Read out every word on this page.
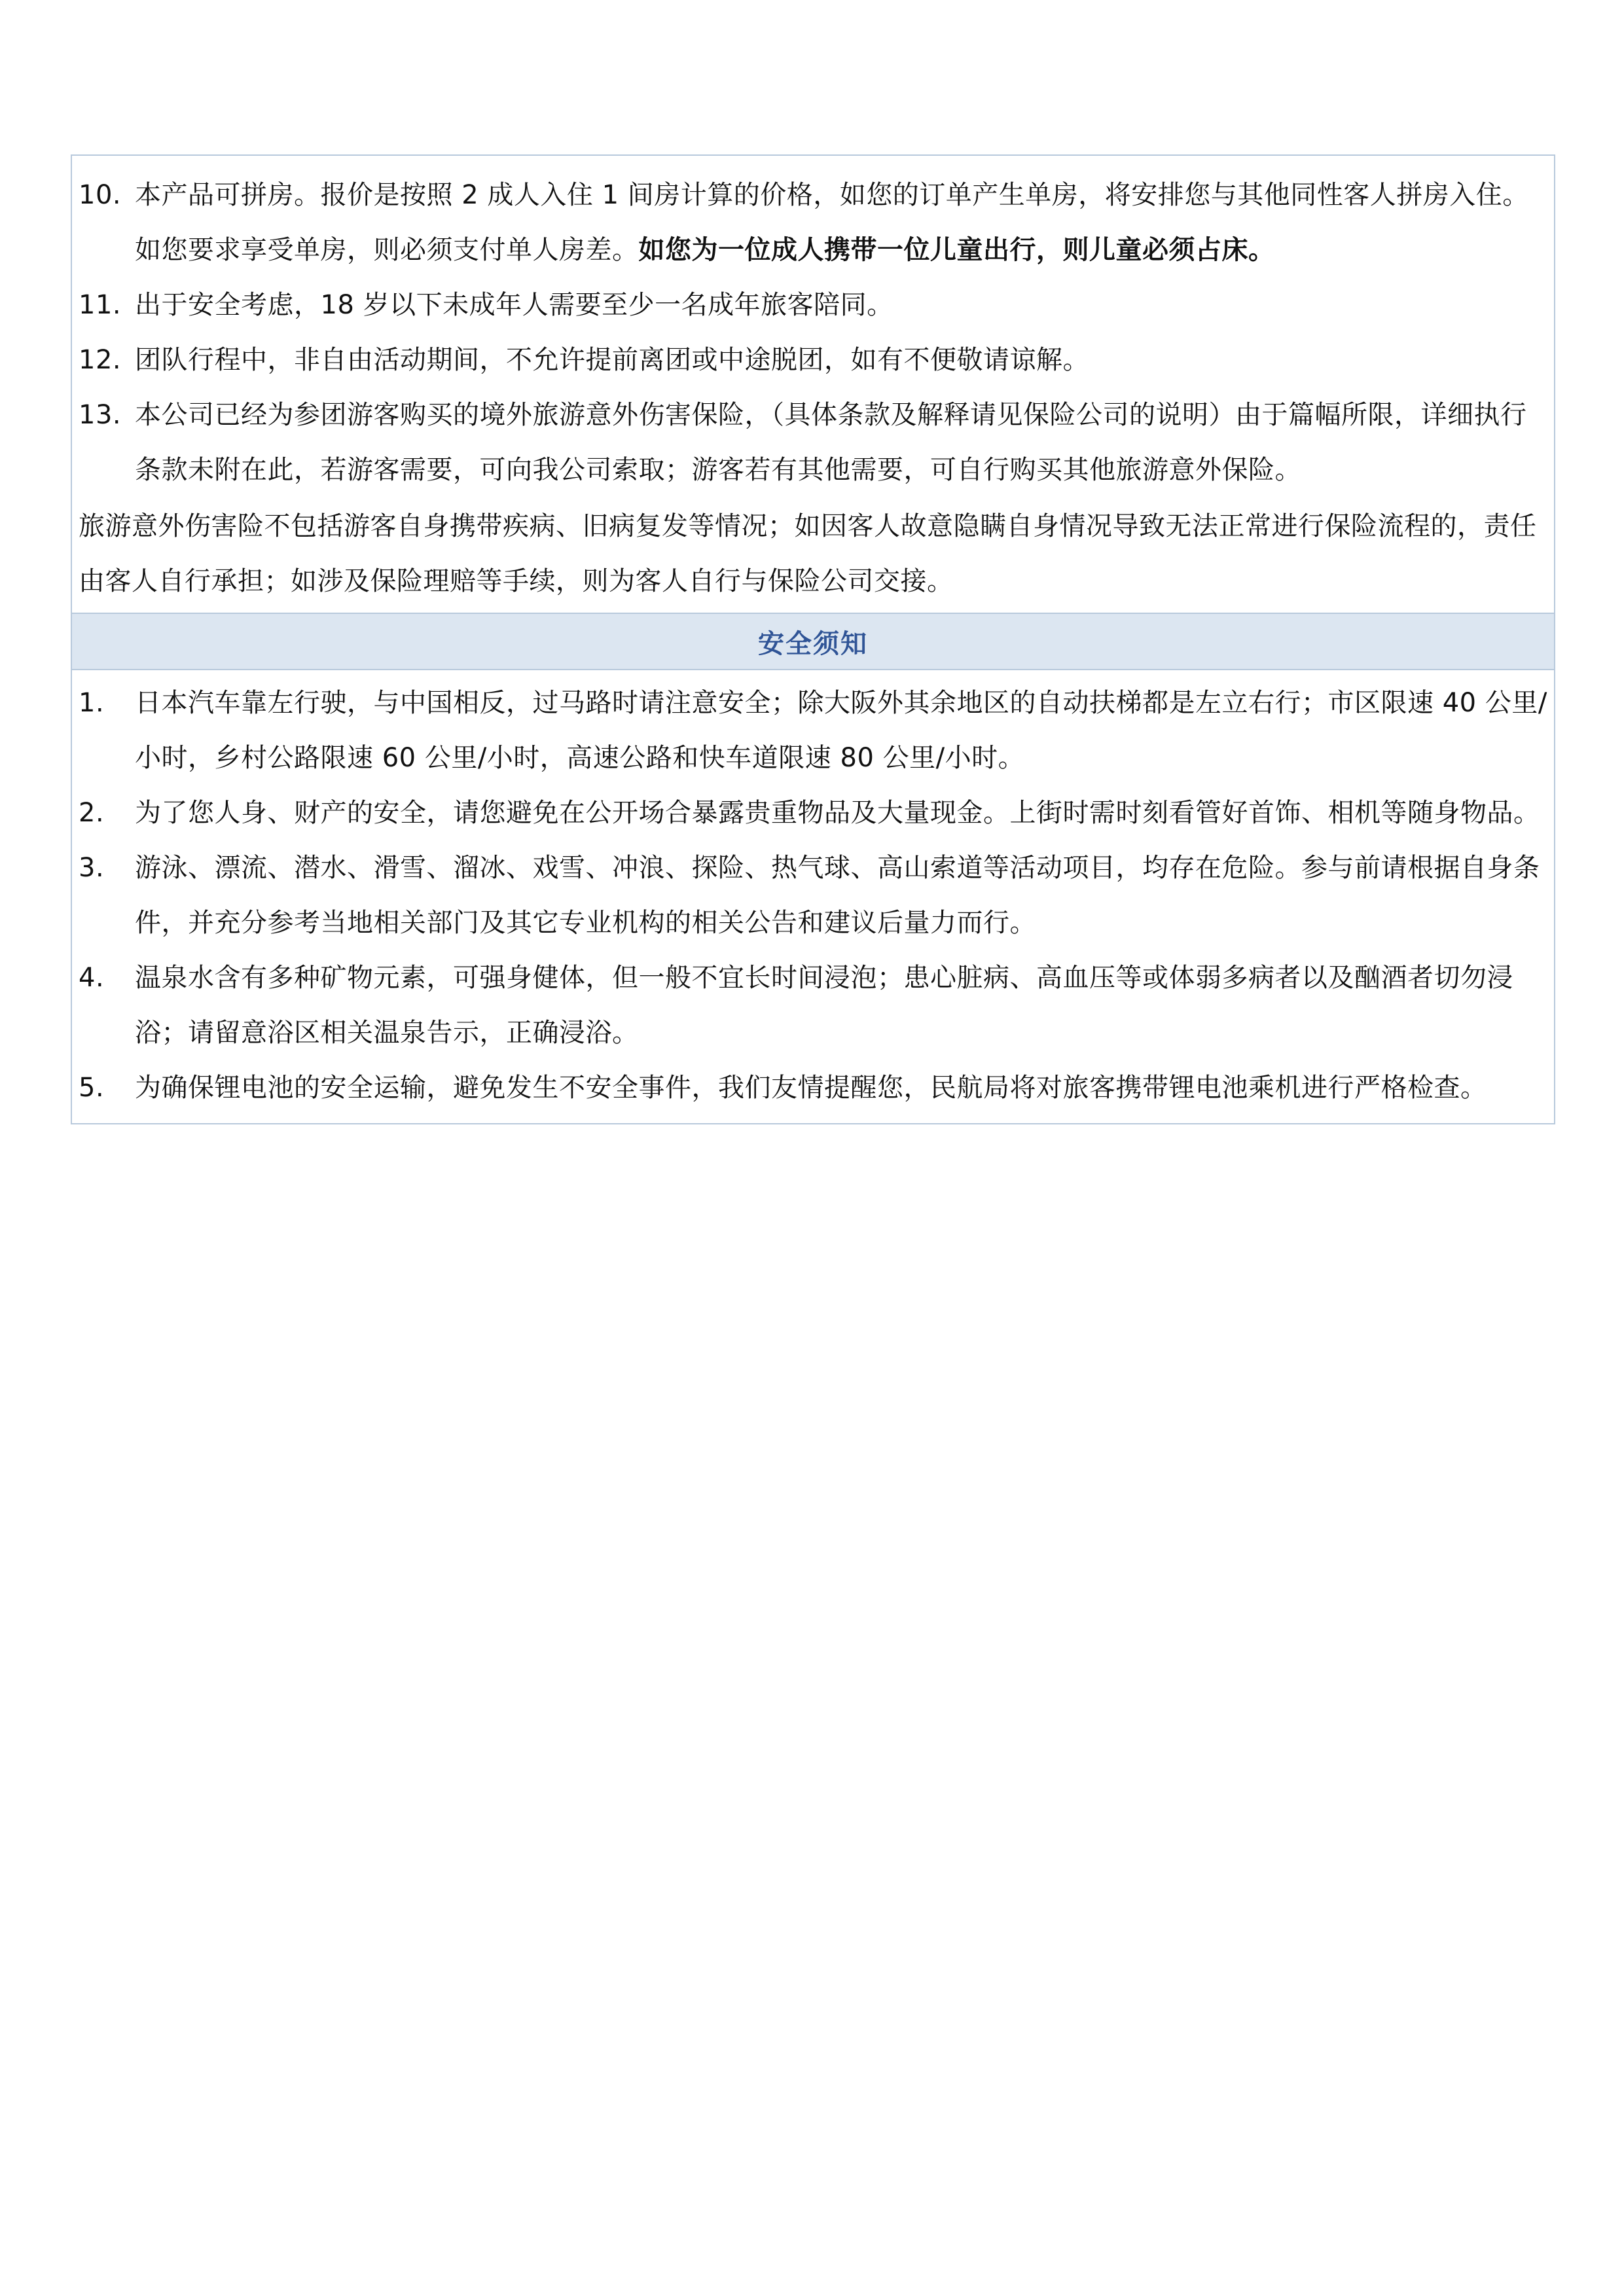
10. 本产品可拼房。报价是按照 2 成人入住 1 间房计算的价格，如您的订单产生单房，将安排您与其他同性客人拼房入住。如您要求享受单房，则必须支付单人房差。如您为一位成人携带一位儿童出行，则儿童必须占床。
11. 出于安全考虑，18 岁以下未成年人需要至少一名成年旅客陪同。
12. 团队行程中，非自由活动期间，不允许提前离团或中途脱团，如有不便敬请谅解。
13. 本公司已经为参团游客购买的境外旅游意外伤害保险，（具体条款及解释请见保险公司的说明）由于篇幅所限，详细执行条款未附在此，若游客需要，可向我公司索取；游客若有其他需要，可自行购买其他旅游意外保险。
旅游意外伤害险不包括游客自身携带疾病、旧病复发等情况；如因客人故意隐瞒自身情况导致无法正常进行保险流程的，责任由客人自行承担；如涉及保险理赔等手续，则为客人自行与保险公司交接。
安全须知
1. 日本汽车靠左行驶，与中国相反，过马路时请注意安全；除大阪外其余地区的自动扶梯都是左立右行；市区限速 40 公里/小时，乡村公路限速 60 公里/小时，高速公路和快车道限速 80 公里/小时。
2. 为了您人身、财产的安全，请您避免在公开场合暴露贵重物品及大量现金。上街时需时刻看管好首饰、相机等随身物品。
3. 游泳、漂流、潜水、滑雪、溜冰、戏雪、冲浪、探险、热气球、高山索道等活动项目，均存在危险。参与前请根据自身条件，并充分参考当地相关部门及其它专业机构的相关公告和建议后量力而行。
4. 温泉水含有多种矿物元素，可强身健体，但一般不宜长时间浸泡；患心脏病、高血压等或体弱多病者以及酗酒者切勿浸浴；请留意浴区相关温泉告示，正确浸浴。
5. 为确保锂电池的安全运输，避免发生不安全事件，我们友情提醒您，民航局将对旅客携带锂电池乘机进行严格检查。
